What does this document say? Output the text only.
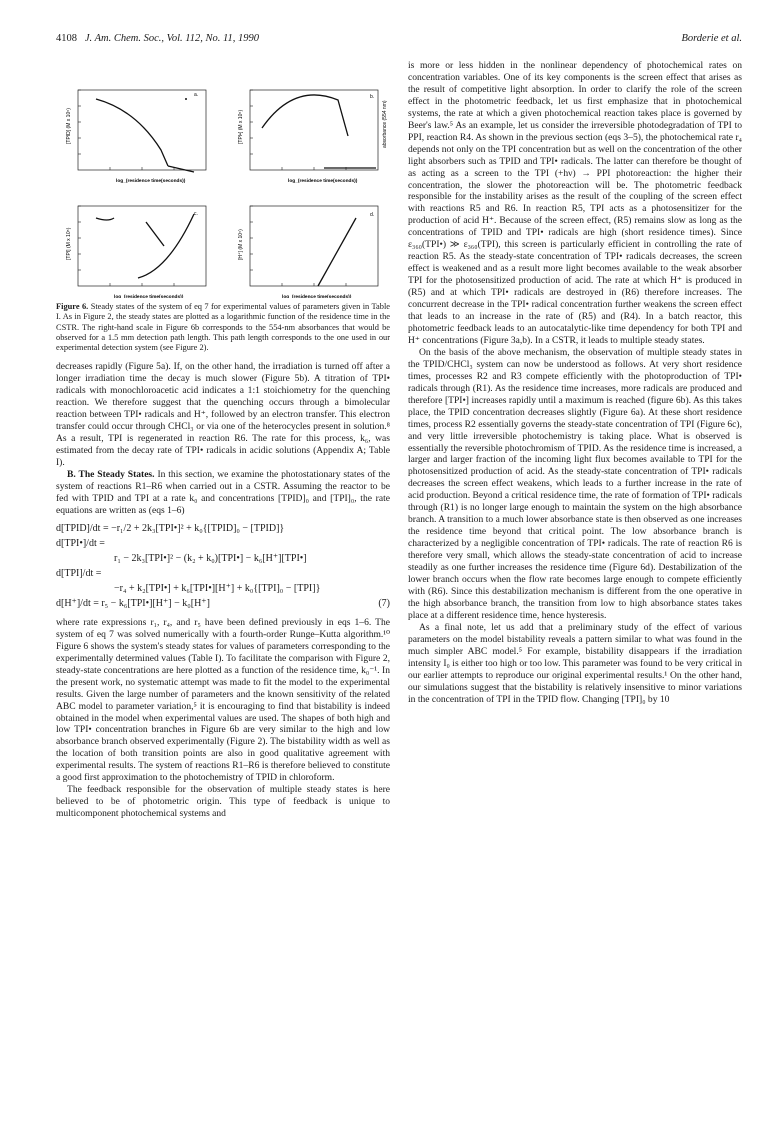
4108 J. Am. Chem. Soc., Vol. 112, No. 11, 1990	Borderie et al.
a.
[TPID] (M x 10⁵)
log_(residence time(seconds))
b.
[TPI•] (M x 10⁵)	absorbance (554 nm)
log_(residence time(seconds))
c.
[TPI] (M x 10⁵)
log_(residence time(seconds))
d.
[H⁺] (M x 10⁵)
log_(residence time(seconds))
Figure 6. Steady states of the system of eq 7 for experimental values of parameters given in Table I. As in Figure 2, the steady states are plotted as a logarithmic function of the residence time in the CSTR. The right-hand scale in Figure 6b corresponds to the 554-nm absorbances that would be observed for a 1.5 mm detection path length. This path length corresponds to the one used in our experimental detection system (see Figure 2).

decreases rapidly (Figure 5a). If, on the other hand, the irradiation is turned off after a longer irradiation time the decay is much slower (Figure 5b). A titration of TPI• radicals with monochloroacetic acid indicates a 1:1 stoichiometry for the quenching reaction. We therefore suggest that the quenching occurs through a bimolecular reaction between TPI• radicals and H⁺, followed by an electron transfer. This electron transfer could occur through CHCl₃ or via one of the heterocycles present in solution.⁸ As a result, TPI is regenerated in reaction R6. The rate for this process, k₆, was estimated from the decay rate of TPI• radicals in acidic solutions (Appendix A; Table I).

B. The Steady States. In this section, we examine the photostationary states of the system of reactions R1–R6 when carried out in a CSTR. Assuming the reactor to be fed with TPID and TPI at a rate k₀ and concentrations [TPID]₀ and [TPI]₀, the rate equations are written as (eqs 1–6)

d[TPID]/dt = −r₁/2 + 2k₃[TPI•]² + k₀{[TPID]₀ − [TPID]}
d[TPI•]/dt =
r₁ − 2k₃[TPI•]² − (k₂ + k₀)[TPI•] − k₆[H⁺][TPI•]
d[TPI]/dt =
−r₄ + k₂[TPI•] + k₆[TPI•][H⁺] + k₀{[TPI]₀ − [TPI]}
d[H⁺]/dt = r₅ − k₆[TPI•][H⁺] − k₀[H⁺]	(7)

where rate expressions r₁, r₄, and r₅ have been defined previously in eqs 1–6. The system of eq 7 was solved numerically with a fourth-order Runge–Kutta algorithm.¹⁰ Figure 6 shows the system's steady states for values of parameters corresponding to the experimentally determined values (Table I). To facilitate the comparison with Figure 2, steady-state concentrations are here plotted as a function of the residence time, k₀⁻¹. In the present work, no systematic attempt was made to fit the model to the experimental results. Given the large number of parameters and the known sensitivity of the related ABC model to parameter variation,⁵ it is encouraging to find that bistability is indeed obtained in the model when experimental values are used. The shapes of both high and low TPI• concentration branches in Figure 6b are very similar to the high and low absorbance branch observed experimentally (Figure 2). The bistability width as well as the location of both transition points are also in good qualitative agreement with experimental results. The system of reactions R1–R6 is therefore believed to constitute a good first approximation to the photochemistry of TPID in chloroform.

The feedback responsible for the observation of multiple steady states is here believed to be of photometric origin. This type of feedback is unique to multicomponent photochemical systems and

is more or less hidden in the nonlinear dependency of photochemical rates on concentration variables. One of its key components is the screen effect that arises as the result of competitive light absorption. In order to clarify the role of the screen effect in the photometric feedback, let us first emphasize that in photochemical systems, the rate at which a given photochemical reaction takes place is governed by Beer's law.⁵ As an example, let us consider the irreversible photodegradation of TPI to PPI, reaction R4. As shown in the previous section (eqs 3–5), the photochemical rate r₄ depends not only on the TPI concentration but as well on the concentration of the other light absorbers such as TPID and TPI• radicals. The latter can therefore be thought of as acting as a screen to the TPI (+hν) → PPI photoreaction: the higher their concentration, the slower the photoreaction will be. The photometric feedback responsible for the instability arises as the result of the coupling of the screen effect with reactions R5 and R6. In reaction R5, TPI acts as a photosensitizer for the production of acid H⁺. Because of the screen effect, (R5) remains slow as long as the concentrations of TPID and TPI• radicals are high (short residence times). Since ε₃₆₀(TPI•) ≫ ε₃₆₀(TPI), this screen is particularly efficient in controlling the rate of reaction R5. As the steady-state concentration of TPI• radicals decreases, the screen effect is weakened and as a result more light becomes available to the weak absorber TPI for the photosensitized production of acid. The rate at which H⁺ is produced in (R5) and at which TPI• radicals are destroyed in (R6) therefore increases. The concurrent decrease in the TPI• radical concentration further weakens the screen effect that leads to an increase in the rate of (R5) and (R4). In a batch reactor, this photometric feedback leads to an autocatalytic-like time dependency for both TPI and H⁺ concentrations (Figure 3a,b). In a CSTR, it leads to multiple steady states.

On the basis of the above mechanism, the observation of multiple steady states in the TPID/CHCl₃ system can now be understood as follows. At very short residence times, processes R2 and R3 compete efficiently with the photoproduction of TPI• radicals through (R1). As the residence time increases, more radicals are produced and therefore [TPI•] increases rapidly until a maximum is reached (figure 6b). As this takes place, the TPID concentration decreases slightly (Figure 6a). At these short residence times, process R2 essentially governs the steady-state concentration of TPI (Figure 6c), and very little irreversible photochemistry is taking place. What is observed is essentially the reversible photochromism of TPID. As the residence time is increased, a larger and larger fraction of the incoming light flux becomes available to TPI for the photosensitized production of acid. As the steady-state concentration of TPI• radicals decreases the screen effect weakens, which leads to a further increase in the rate of acid production. Beyond a critical residence time, the rate of formation of TPI• radicals through (R1) is no longer large enough to maintain the system on the high absorbance branch. A transition to a much lower absorbance state is then observed as one increases the residence time beyond that critical point. The low absorbance branch is characterized by a negligible concentration of TPI• radicals. The rate of reaction R6 is therefore very small, which allows the steady-state concentration of acid to increase steadily as one further increases the residence time (Figure 6d). Destabilization of the lower branch occurs when the flow rate becomes large enough to compete efficiently with (R6). Since this destabilization mechanism is different from the one operative in the high absorbance branch, the transition from low to high absorbance states takes place at a different residence time, hence hysteresis.

As a final note, let us add that a preliminary study of the effect of various parameters on the model bistability reveals a pattern similar to what was found in the much simpler ABC model.⁵ For example, bistability disappears if the irradiation intensity I₀ is either too high or too low. This parameter was found to be very critical in our earlier attempts to reproduce our original experimental results.¹ On the other hand, our simulations suggest that the bistability is relatively insensitive to minor variations in the concentration of TPI in the TPID flow. Changing [TPI]₀ by 10
